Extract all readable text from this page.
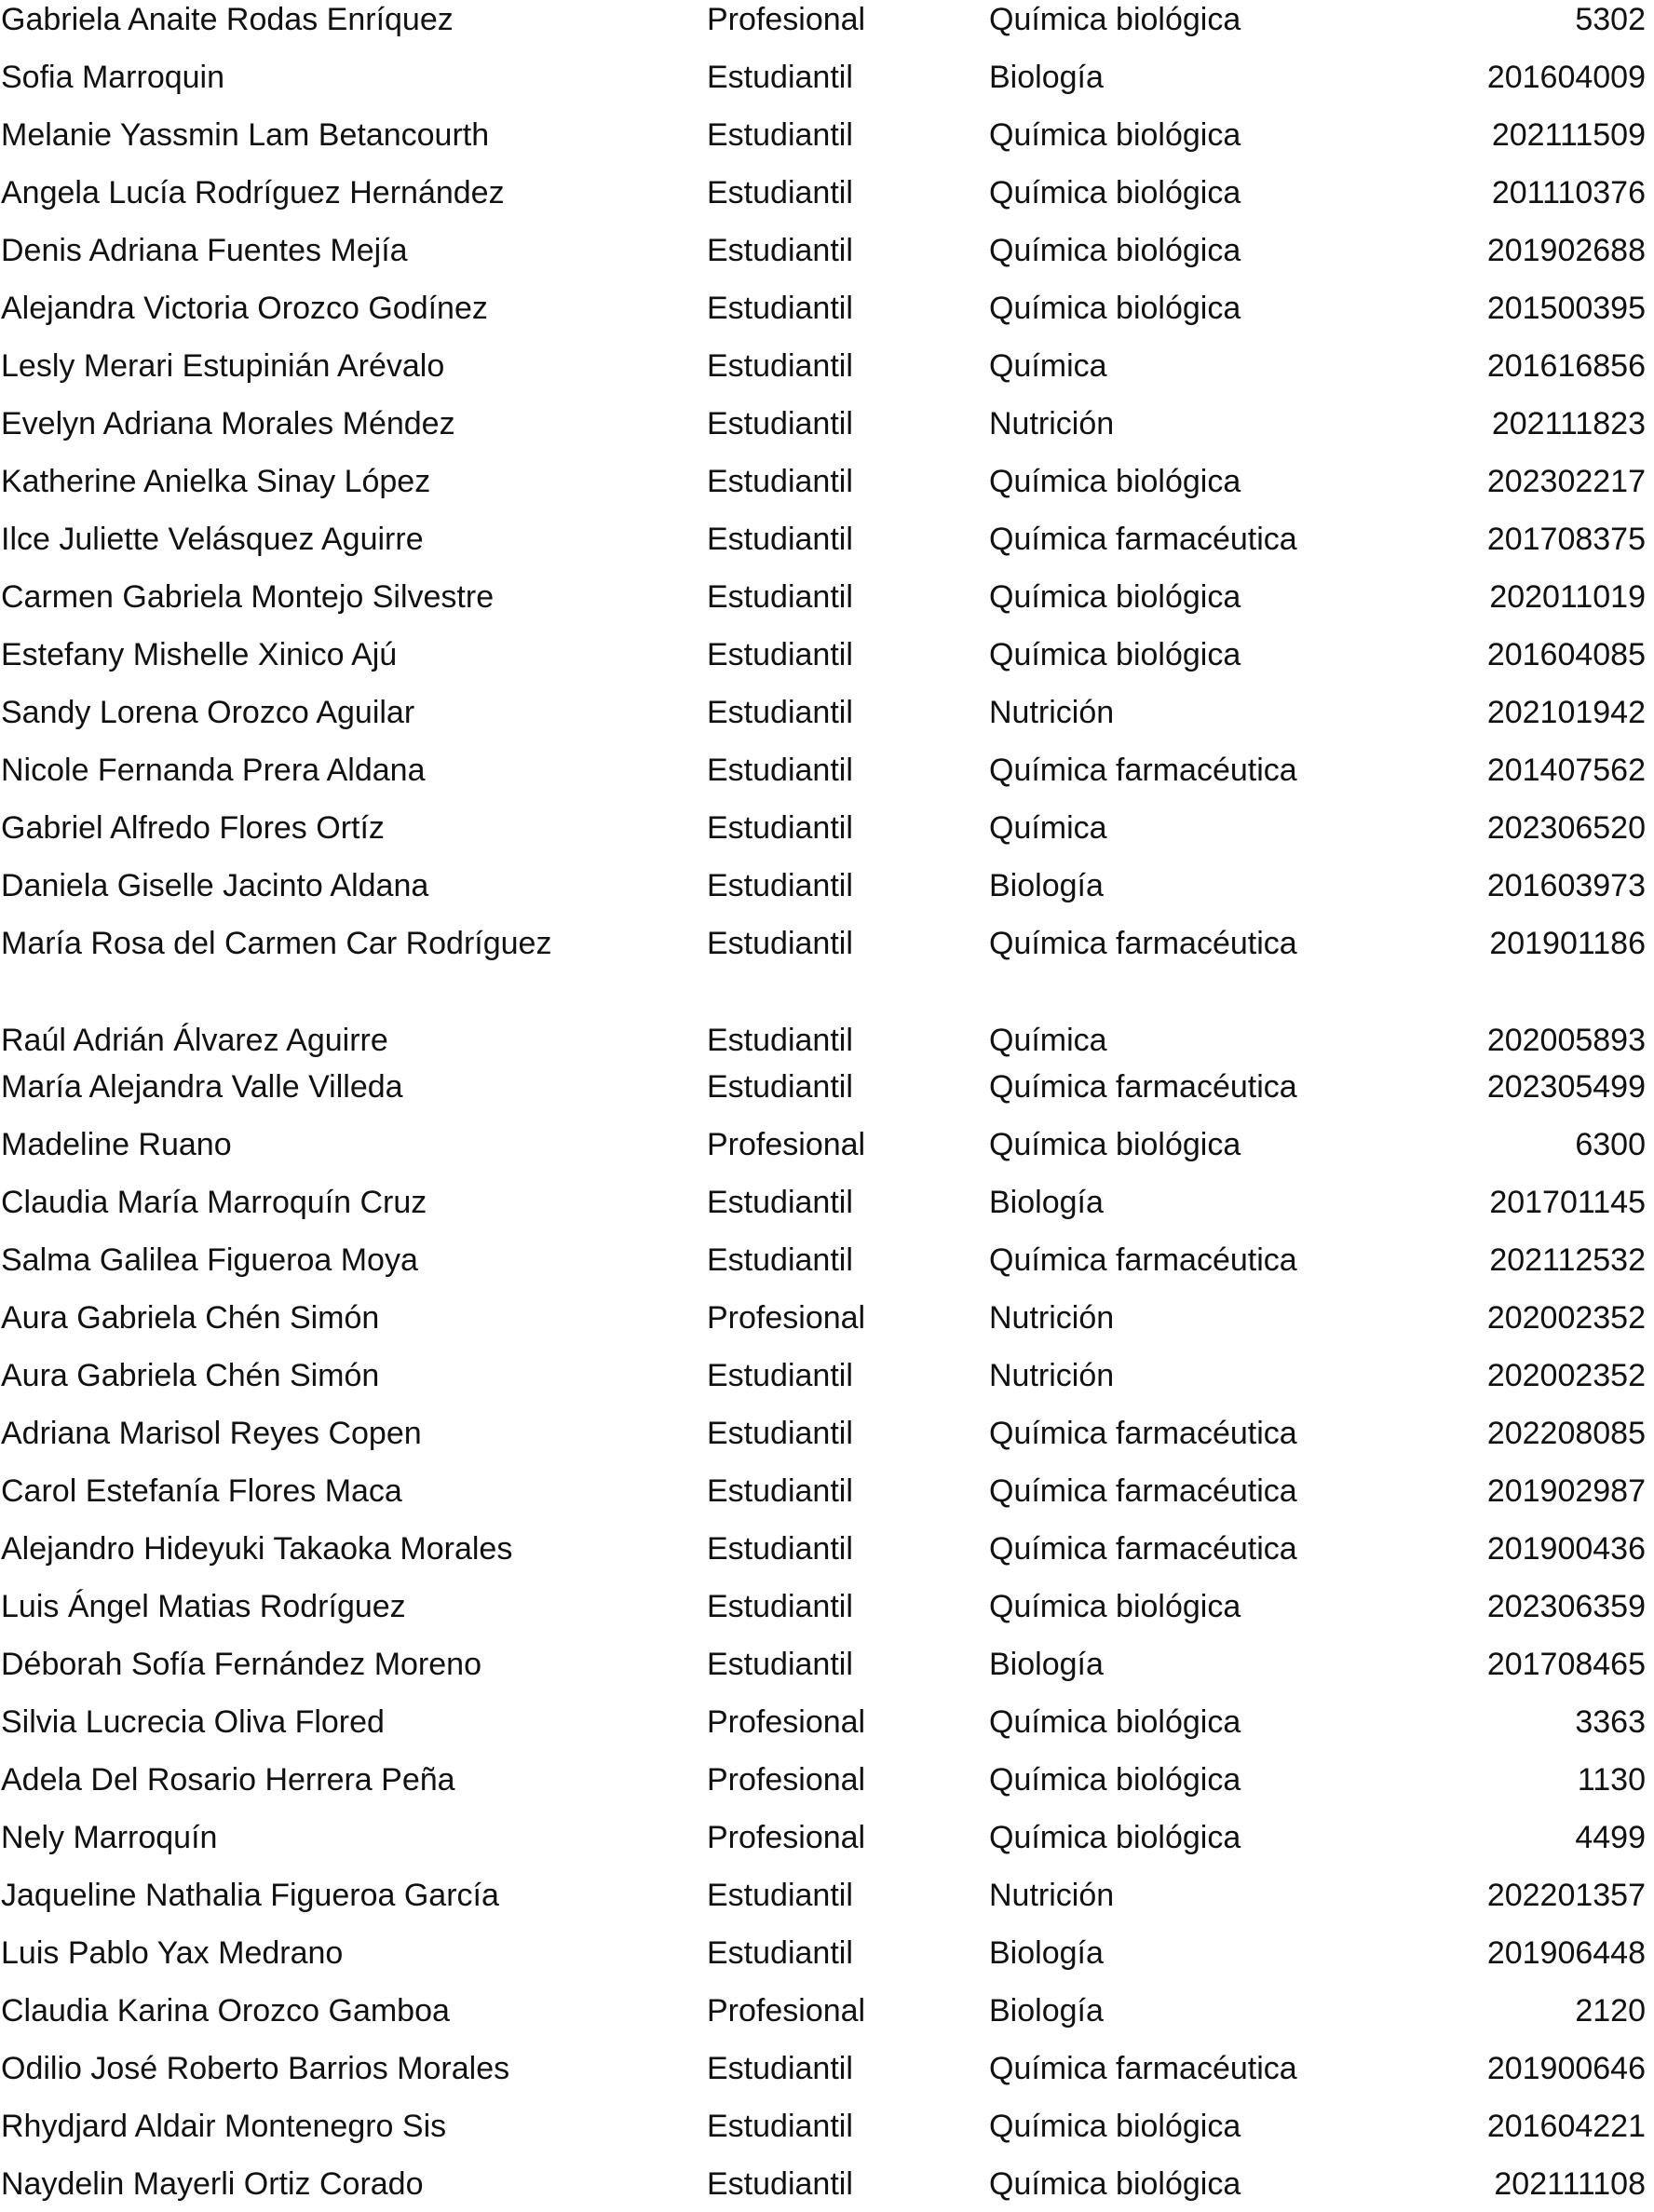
Gabriela Anaite Rodas Enríquez	Profesional	Química biológica	5302
Sofia Marroquin	Estudiantil	Biología	201604009
Melanie Yassmin Lam Betancourth	Estudiantil	Química biológica	202111509
Angela Lucía Rodríguez Hernández	Estudiantil	Química biológica	201110376
Denis Adriana Fuentes Mejía	Estudiantil	Química biológica	201902688
Alejandra Victoria Orozco Godínez	Estudiantil	Química biológica	201500395
Lesly Merari Estupinián Arévalo	Estudiantil	Química	201616856
Evelyn Adriana Morales Méndez	Estudiantil	Nutrición	202111823
Katherine Anielka Sinay López	Estudiantil	Química biológica	202302217
Ilce Juliette Velásquez Aguirre	Estudiantil	Química farmacéutica	201708375
Carmen Gabriela Montejo Silvestre	Estudiantil	Química biológica	202011019
Estefany Mishelle Xinico Ajú	Estudiantil	Química biológica	201604085
Sandy Lorena Orozco Aguilar	Estudiantil	Nutrición	202101942
Nicole Fernanda Prera Aldana	Estudiantil	Química farmacéutica	201407562
Gabriel Alfredo Flores Ortíz	Estudiantil	Química	202306520
Daniela Giselle Jacinto Aldana	Estudiantil	Biología	201603973
María Rosa del Carmen Car Rodríguez	Estudiantil	Química farmacéutica	201901186
Raúl Adrián Álvarez Aguirre	Estudiantil	Química	202005893
María Alejandra Valle Villeda	Estudiantil	Química farmacéutica	202305499
Madeline Ruano	Profesional	Química biológica	6300
Claudia María Marroquín Cruz	Estudiantil	Biología	201701145
Salma Galilea Figueroa Moya	Estudiantil	Química farmacéutica	202112532
Aura Gabriela Chén Simón	Profesional	Nutrición	202002352
Aura Gabriela Chén Simón	Estudiantil	Nutrición	202002352
Adriana Marisol Reyes Copen	Estudiantil	Química farmacéutica	202208085
Carol Estefanía Flores Maca	Estudiantil	Química farmacéutica	201902987
Alejandro Hideyuki Takaoka Morales	Estudiantil	Química farmacéutica	201900436
Luis Ángel Matias Rodríguez	Estudiantil	Química biológica	202306359
Déborah Sofía Fernández Moreno	Estudiantil	Biología	201708465
Silvia Lucrecia Oliva Flored	Profesional	Química biológica	3363
Adela Del Rosario Herrera Peña	Profesional	Química biológica	1130
Nely Marroquín	Profesional	Química biológica	4499
Jaqueline Nathalia Figueroa García	Estudiantil	Nutrición	202201357
Luis Pablo Yax Medrano	Estudiantil	Biología	201906448
Claudia Karina Orozco Gamboa	Profesional	Biología	2120
Odilio José Roberto Barrios Morales	Estudiantil	Química farmacéutica	201900646
Rhydjard Aldair Montenegro Sis	Estudiantil	Química biológica	201604221
Naydelin Mayerli Ortiz Corado	Estudiantil	Química biológica	202111108
